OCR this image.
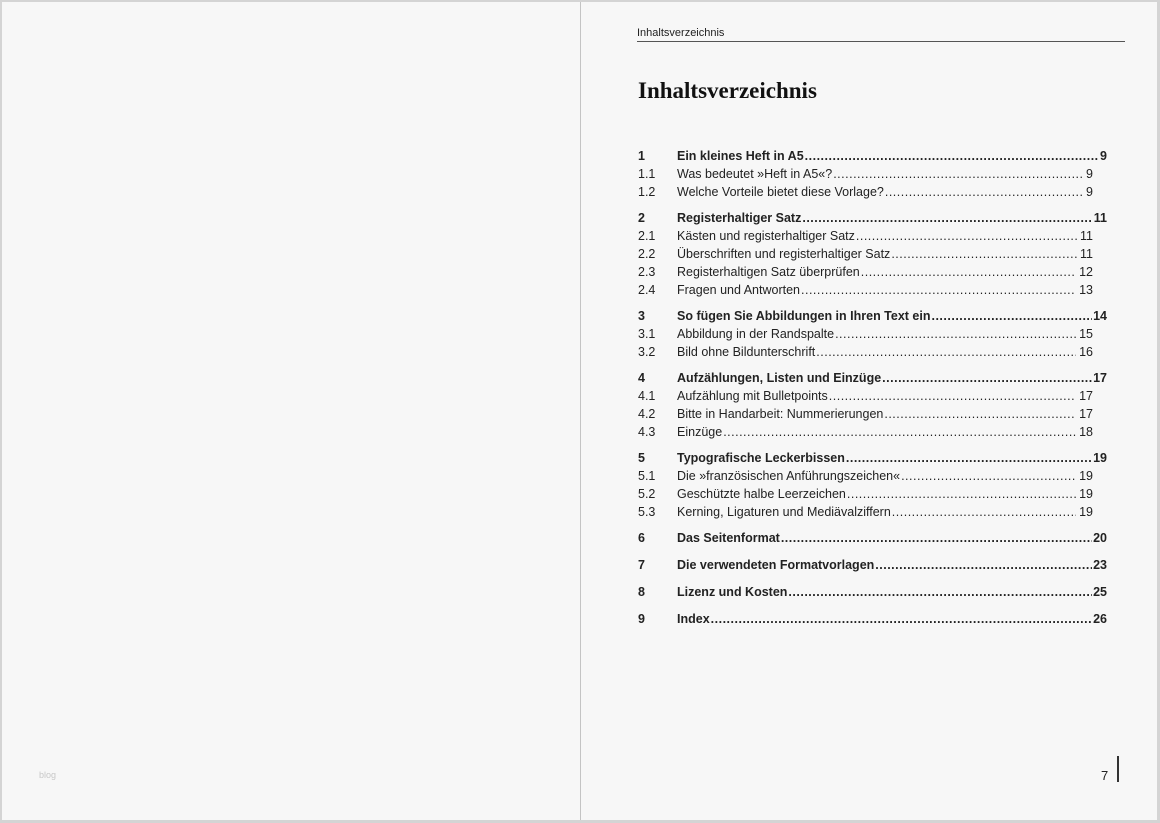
blog
Inhaltsverzeichnis
Inhaltsverzeichnis
1	Ein kleines Heft in A5 .....	9
1.1	Was bedeutet »Heft in A5«? .....	9
1.2	Welche Vorteile bietet diese Vorlage? .....	9
2	Registerhaltiger Satz .....	11
2.1	Kästen und registerhaltiger Satz .....	11
2.2	Überschriften und registerhaltiger Satz .....	11
2.3	Registerhaltigen Satz überprüfen .....	12
2.4	Fragen und Antworten .....	13
3	So fügen Sie Abbildungen in Ihren Text ein .....	14
3.1	Abbildung in der Randspalte .....	15
3.2	Bild ohne Bildunterschrift .....	16
4	Aufzählungen, Listen und Einzüge .....	17
4.1	Aufzählung mit Bulletpoints .....	17
4.2	Bitte in Handarbeit: Nummerierungen .....	17
4.3	Einzüge .....	18
5	Typografische Leckerbissen .....	19
5.1	Die »französischen Anführungszeichen« .....	19
5.2	Geschützte halbe Leerzeichen .....	19
5.3	Kerning, Ligaturen und Mediävalziffern .....	19
6	Das Seitenformat .....	20
7	Die verwendeten Formatvorlagen .....	23
8	Lizenz und Kosten .....	25
9	Index .....	26
7
